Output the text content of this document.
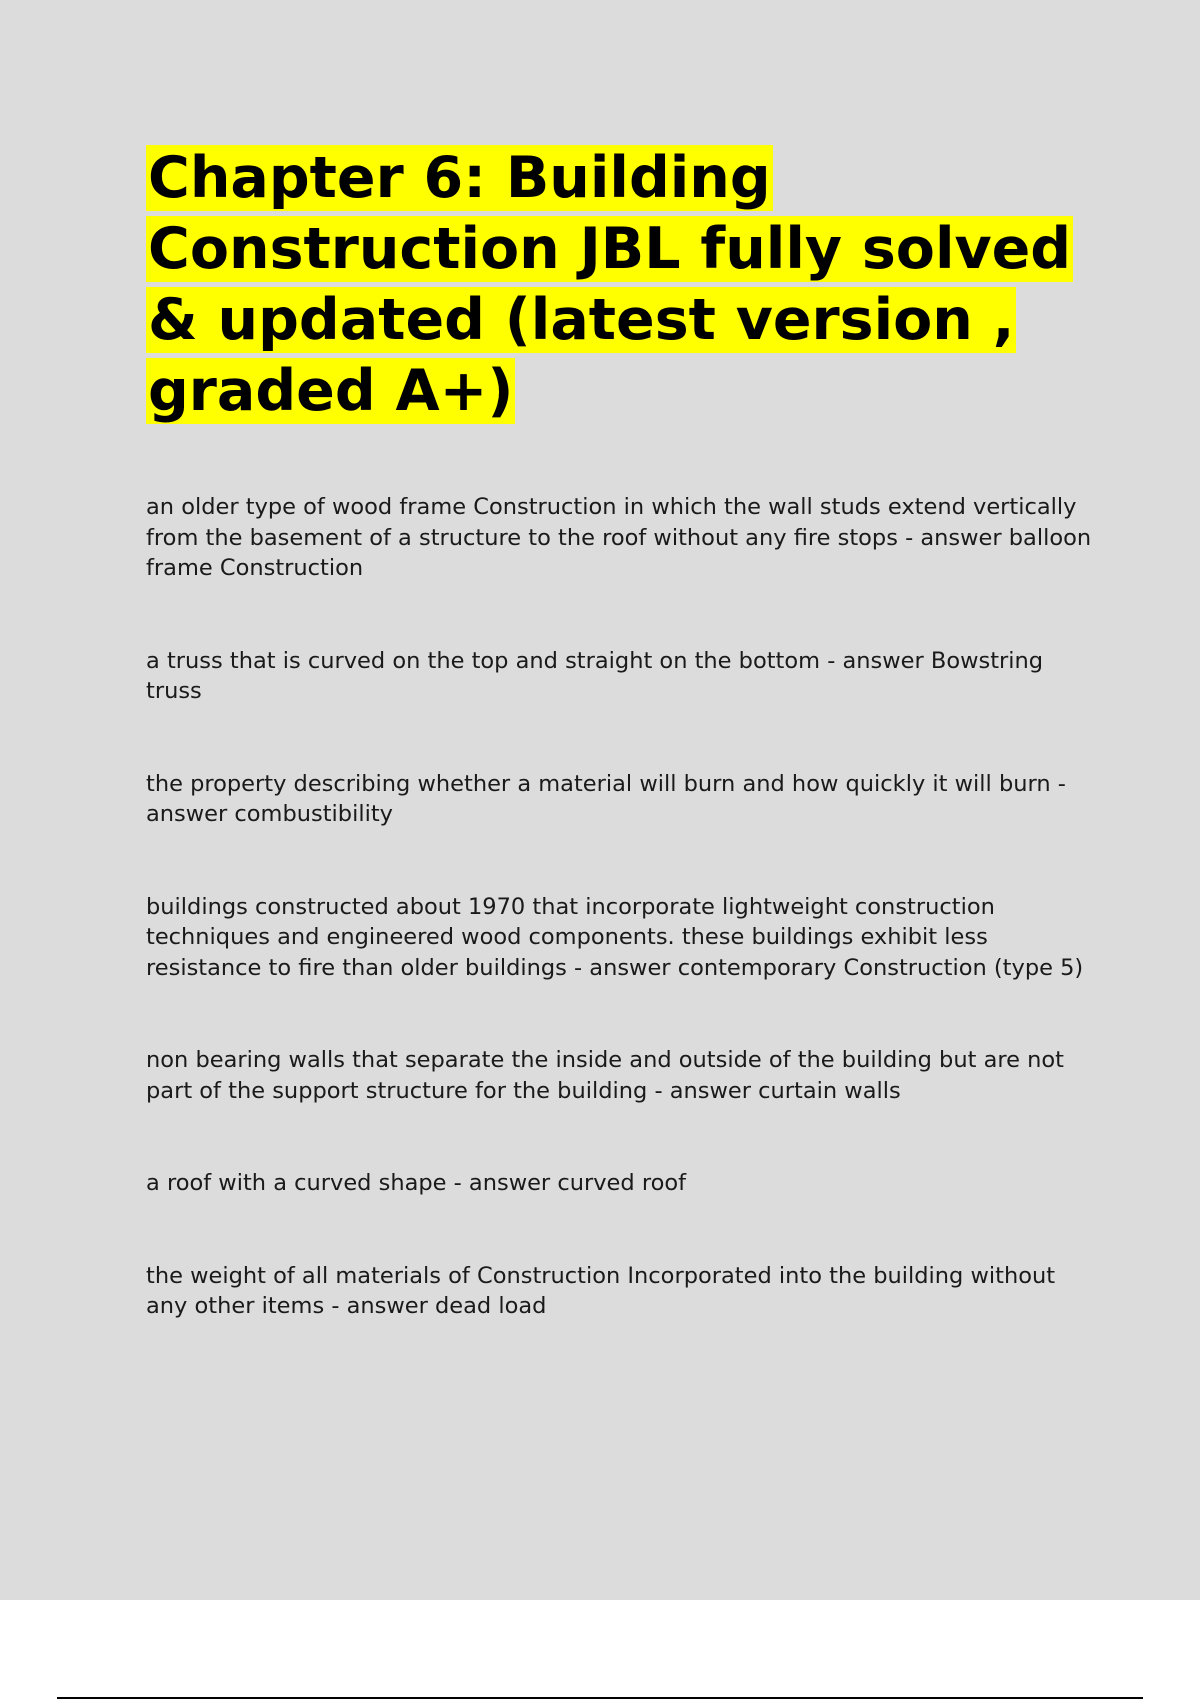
Chapter 6: Building Construction JBL fully solved & updated (latest version , graded A+)

an older type of wood frame Construction in which the wall studs extend vertically from the basement of a structure to the roof without any fire stops - answer balloon frame Construction

a truss that is curved on the top and straight on the bottom - answer Bowstring truss

the property describing whether a material will burn and how quickly it will burn - answer combustibility

buildings constructed about 1970 that incorporate lightweight construction techniques and engineered wood components. these buildings exhibit less resistance to fire than older buildings - answer contemporary Construction (type 5)

non bearing walls that separate the inside and outside of the building but are not part of the support structure for the building - answer curtain walls

a roof with a curved shape - answer curved roof

the weight of all materials of Construction Incorporated into the building without any other items - answer dead load
